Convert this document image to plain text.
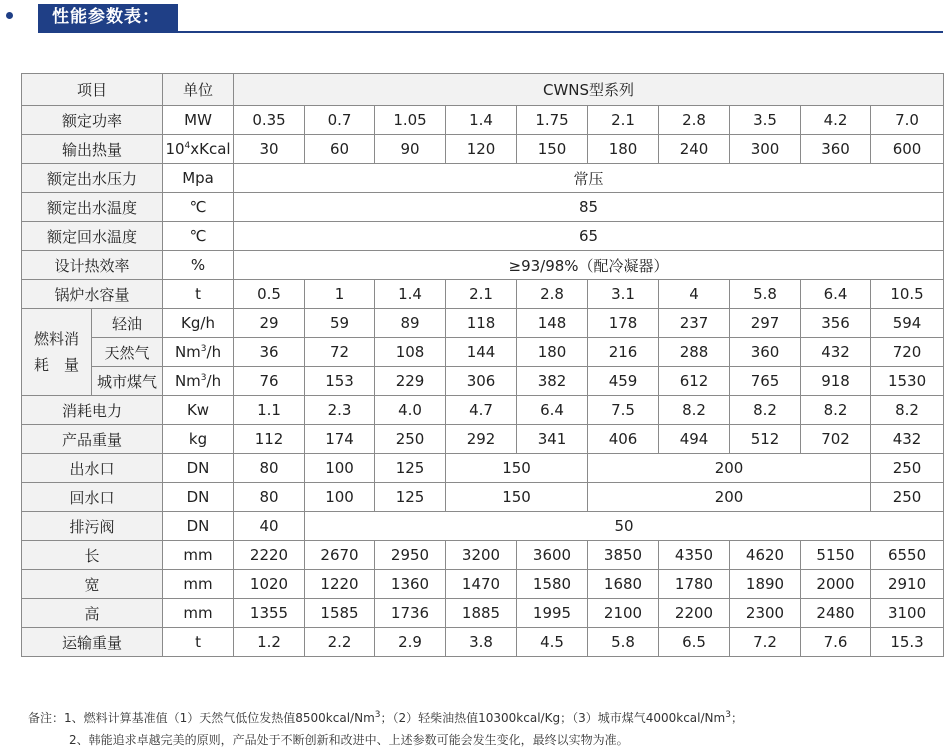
性能参数表：
项目		单位	CWNS型系列									
额定功率		MW	0.35	0.7	1.05	1.4	1.75	2.1	2.8	3.5	4.2	7.0
输出热量		$10^4xKcal$	30	60	90	120	150	180	240	300	360	600
额定出水压力		Mpa	常压									
额定出水温度		℃	85									
额定回水温度		℃	65									
设计热效率		%	≥93/98%（配冷凝器）									
锅炉水容量		t	0.5	1	1.4	2.1	2.8	3.1	4	5.8	6.4	10.5
燃料消耗　量	轻油	Kg/h	29	59	89	118	148	178	237	297	356	594
	天然气	Nm$^3$/h	36	72	108	144	180	216	288	360	432	720
	城市煤气	Nm$^3$/h	76	153	229	306	382	459	612	765	918	1530
消耗电力		Kw	1.1	2.3	4.0	4.7	6.4	7.5	8.2	8.2	8.2	8.2
产品重量		kg	112	174	250	292	341	406	494	512	702	432
出水口		DN	80	100	125	150		200				250
回水口		DN	80	100	125	150		200				250
排污阀		DN	40	50								
长		mm	2220	2670	2950	3200	3600	3850	4350	4620	5150	6550
宽		mm	1020	1220	1360	1470	1580	1680	1780	1890	2000	2910
高		mm	1355	1585	1736	1885	1995	2100	2200	2300	2480	3100
运输重量		t	1.2	2.2	2.9	3.8	4.5	5.8	6.5	7.2	7.6	15.3
备注：1、燃料计算基准值（1）天然气低位发热值8500kcal/Nm$^3$；（2）轻柴油热值10300kcal/Kg；（3）城市煤气4000kcal/Nm$^3$；
2、韩能追求卓越完美的原则，产品处于不断创新和改进中、上述参数可能会发生变化，最终以实物为准。
